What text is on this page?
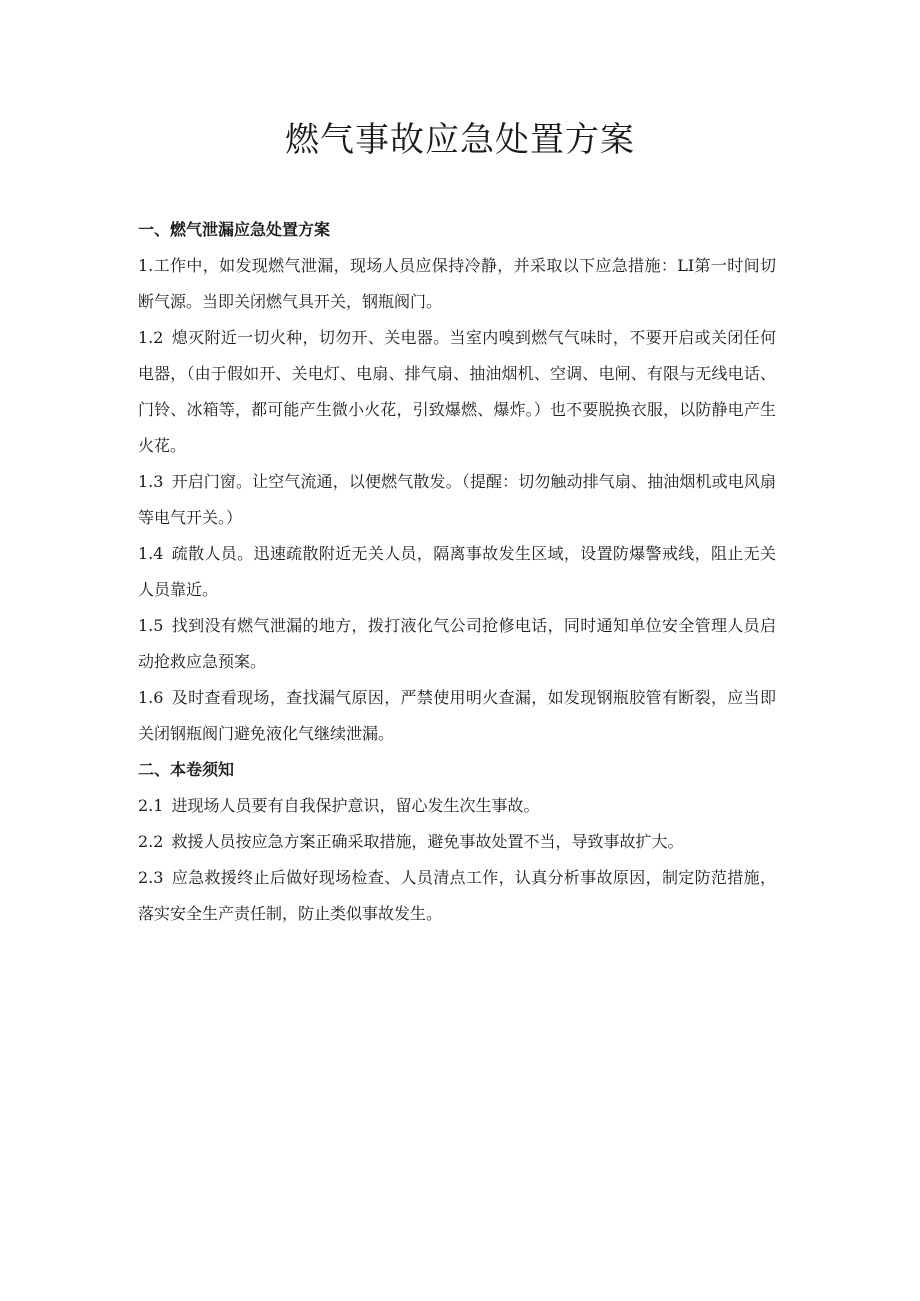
燃气事故应急处置方案
一、燃气泄漏应急处置方案

1.工作中，如发现燃气泄漏，现场人员应保持冷静，并采取以下应急措施：LI第一时间切断气源。当即关闭燃气具开关，钢瓶阀门。

1.2 熄灭附近一切火种，切勿开、关电器。当室内嗅到燃气气味时，不要开启或关闭任何电器，（由于假如开、关电灯、电扇、排气扇、抽油烟机、空调、电闸、有限与无线电话、门铃、冰箱等，都可能产生微小火花，引致爆燃、爆炸。）也不要脱换衣服，以防静电产生火花。

1.3 开启门窗。让空气流通，以便燃气散发。（提醒：切勿触动排气扇、抽油烟机或电风扇等电气开关。）

1.4 疏散人员。迅速疏散附近无关人员，隔离事故发生区域，设置防爆警戒线，阻止无关人员靠近。

1.5 找到没有燃气泄漏的地方，拨打液化气公司抢修电话，同时通知单位安全管理人员启动抢救应急预案。

1.6 及时查看现场，查找漏气原因，严禁使用明火查漏，如发现钢瓶胶管有断裂，应当即关闭钢瓶阀门避免液化气继续泄漏。

二、本卷须知

2.1 进现场人员要有自我保护意识，留心发生次生事故。

2.2 救援人员按应急方案正确采取措施，避免事故处置不当，导致事故扩大。

2.3 应急救援终止后做好现场检查、人员清点工作，认真分析事故原因，制定防范措施，落实安全生产责任制，防止类似事故发生。
